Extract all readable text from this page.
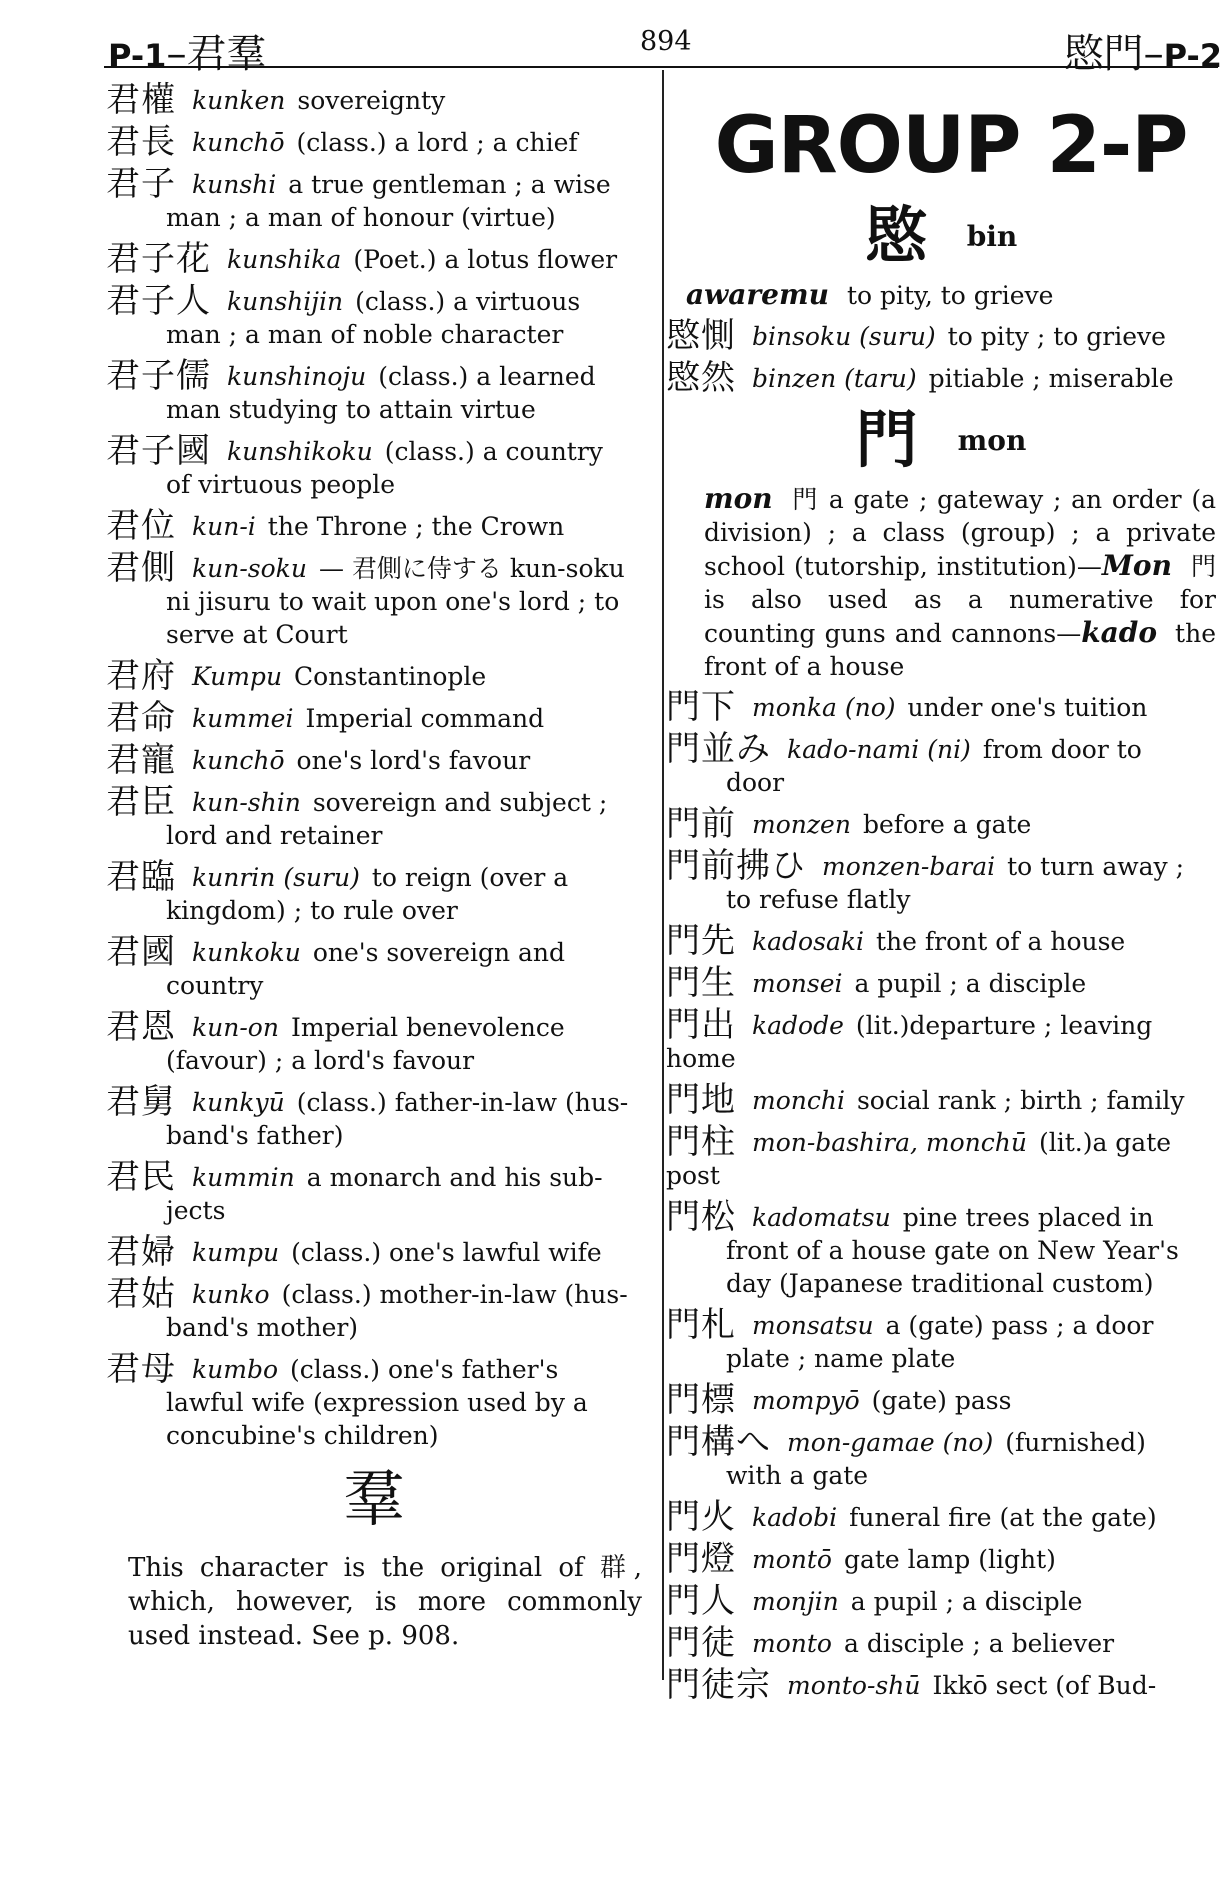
P-1–君羣	894	愍門–P-2
君權 kunken sovereignty
君長 kunchō (class.) a lord ; a chief
君子 kunshi a true gentleman ; a wise
man ; a man of honour (virtue)
君子花 kunshika (Poet.) a lotus flower
君子人 kunshijin (class.) a virtuous
man ; a man of noble character
君子儒 kunshinoju (class.) a learned
man studying to attain virtue
君子國 kunshikoku (class.) a country
of virtuous people
君位 kun-i the Throne ; the Crown
君側 kun-soku — 君側に侍する kun-soku
ni jisuru to wait upon one's lord ; to serve at Court
君府 Kumpu Constantinople
君命 kummei Imperial command
君寵 kunchō one's lord's favour
君臣 kun-shin sovereign and subject ;
lord and retainer
君臨 kunrin (suru) to reign (over a
kingdom) ; to rule over
君國 kunkoku one's sovereign and
country
君恩 kun-on Imperial benevolence
(favour) ; a lord's favour
君舅 kunkyū (class.) father-in-law (hus-
band's father)
君民 kummin a monarch and his sub-
jects
君婦 kumpu (class.) one's lawful wife
君姑 kunko (class.) mother-in-law (hus-
band's mother)
君母 kumbo (class.) one's father's
lawful wife (expression used by a concubine's children)
羣
This character is the original of 群, which, however, is more commonly used instead. See p. 908.
GROUP 2-P
愍 bin
awaremu to pity, to grieve
愍惻 binsoku (suru) to pity ; to grieve
愍然 binzen (taru) pitiable ; miserable
門 mon
mon 門 a gate ; gateway ; an order (a division) ; a class (group) ; a private school (tutorship, institution)—Mon 門 is also used as a numerative for counting guns and cannons—kado the front of a house
門下 monka (no) under one's tuition
門並み kado-nami (ni) from door to
door
門前 monzen before a gate
門前拂ひ monzen-barai to turn away ;
to refuse flatly
門先 kadosaki the front of a house
門生 monsei a pupil ; a disciple
門出 kadode (lit.)departure ; leaving home
門地 monchi social rank ; birth ; family
門柱 mon-bashira, monchū (lit.)a gate post
門松 kadomatsu pine trees placed in
front of a house gate on New Year's day (Japanese traditional custom)
門札 monsatsu a (gate) pass ; a door
plate ; name plate
門標 mompyō (gate) pass
門構へ mon-gamae (no) (furnished)
with a gate
門火 kadobi funeral fire (at the gate)
門燈 montō gate lamp (light)
門人 monjin a pupil ; a disciple
門徒 monto a disciple ; a believer
門徒宗 monto-shū Ikkō sect (of Bud-
